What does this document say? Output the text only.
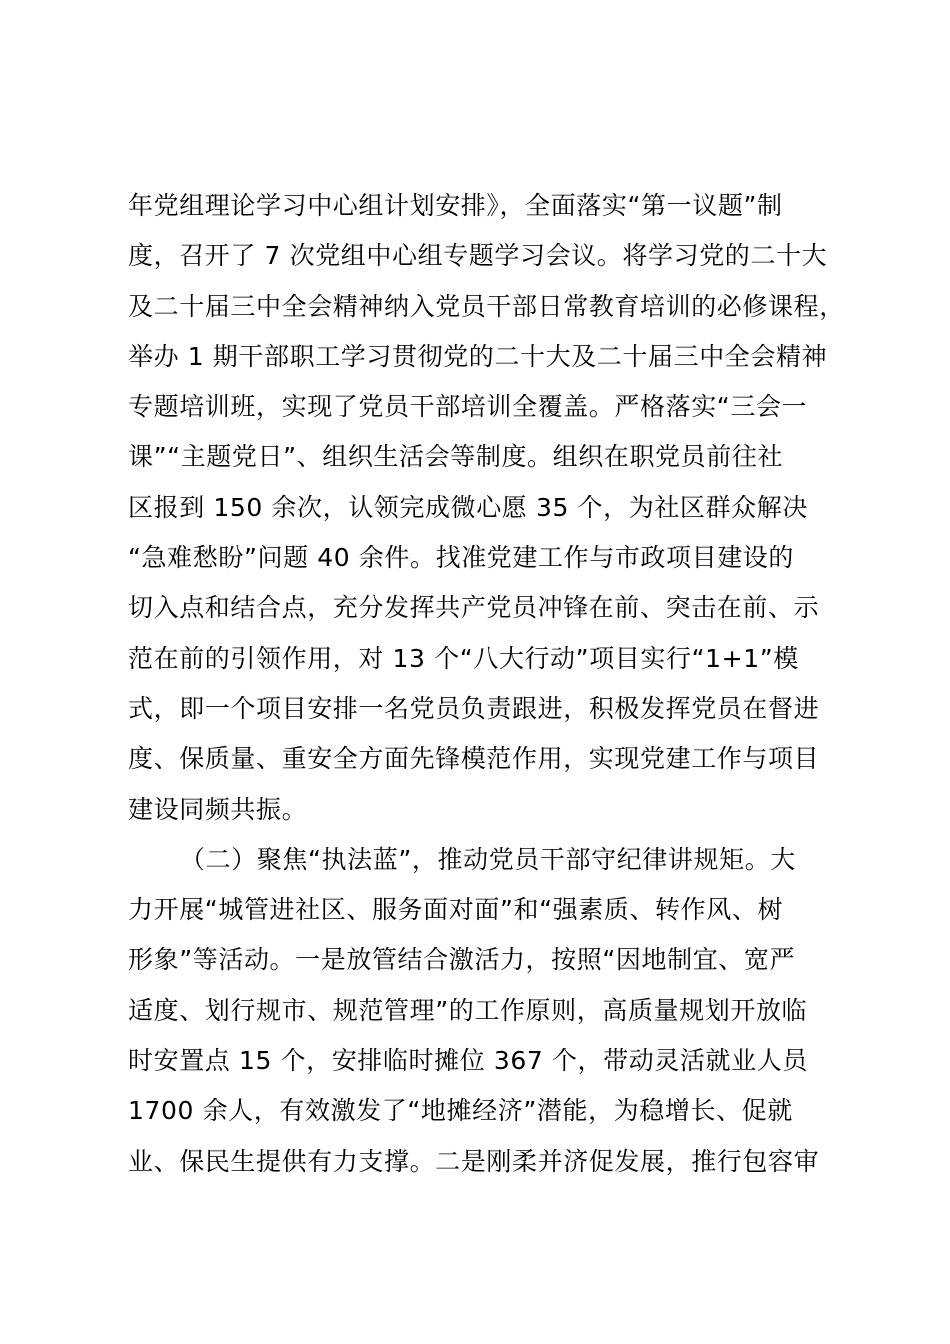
年党组理论学习中心组计划安排》，全面落实“第一议题”制
度，召开了 7 次党组中心组专题学习会议。将学习党的二十大
及二十届三中全会精神纳入党员干部日常教育培训的必修课程，
举办 1 期干部职工学习贯彻党的二十大及二十届三中全会精神
专题培训班，实现了党员干部培训全覆盖。严格落实“三会一
课”“主题党日”、组织生活会等制度。组织在职党员前往社
区报到 150 余次，认领完成微心愿 35 个，为社区群众解决
“急难愁盼”问题 40 余件。找准党建工作与市政项目建设的
切入点和结合点，充分发挥共产党员冲锋在前、突击在前、示
范在前的引领作用，对 13 个“八大行动”项目实行“1+1”模
式，即一个项目安排一名党员负责跟进，积极发挥党员在督进
度、保质量、重安全方面先锋模范作用，实现党建工作与项目
建设同频共振。
（二）聚焦“执法蓝”，推动党员干部守纪律讲规矩。大
力开展“城管进社区、服务面对面”和“强素质、转作风、树
形象”等活动。一是放管结合激活力，按照“因地制宜、宽严
适度、划行规市、规范管理”的工作原则，高质量规划开放临
时安置点 15 个，安排临时摊位 367 个，带动灵活就业人员
1700 余人，有效激发了“地摊经济”潜能，为稳增长、促就
业、保民生提供有力支撑。二是刚柔并济促发展，推行包容审
